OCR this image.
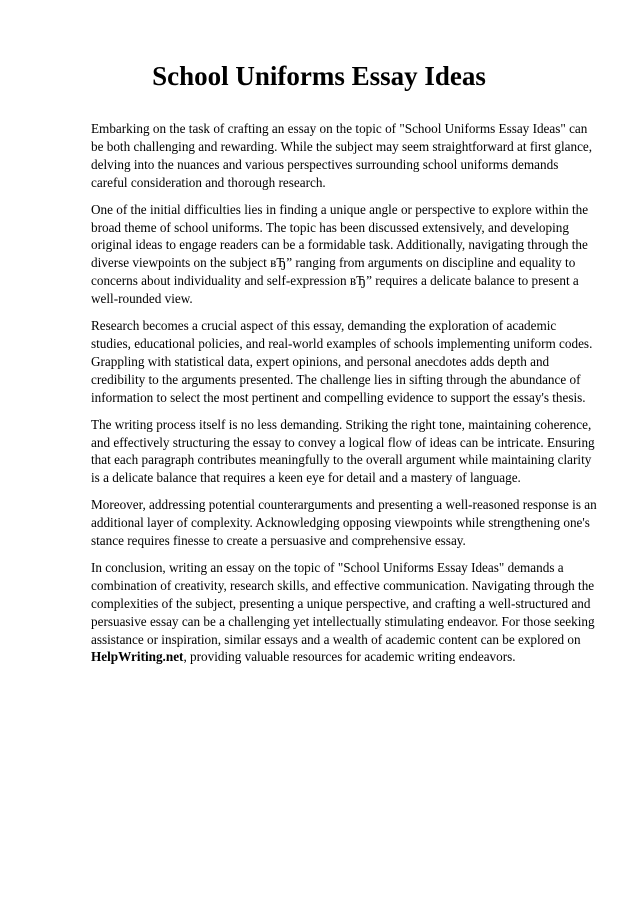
School Uniforms Essay Ideas

Embarking on the task of crafting an essay on the topic of "School Uniforms Essay Ideas" can be both challenging and rewarding. While the subject may seem straightforward at first glance, delving into the nuances and various perspectives surrounding school uniforms demands careful consideration and thorough research.

One of the initial difficulties lies in finding a unique angle or perspective to explore within the broad theme of school uniforms. The topic has been discussed extensively, and developing original ideas to engage readers can be a formidable task. Additionally, navigating through the diverse viewpoints on the subject вЂ” ranging from arguments on discipline and equality to concerns about individuality and self-expression вЂ” requires a delicate balance to present a well-rounded view.

Research becomes a crucial aspect of this essay, demanding the exploration of academic studies, educational policies, and real-world examples of schools implementing uniform codes. Grappling with statistical data, expert opinions, and personal anecdotes adds depth and credibility to the arguments presented. The challenge lies in sifting through the abundance of information to select the most pertinent and compelling evidence to support the essay's thesis.

The writing process itself is no less demanding. Striking the right tone, maintaining coherence, and effectively structuring the essay to convey a logical flow of ideas can be intricate. Ensuring that each paragraph contributes meaningfully to the overall argument while maintaining clarity is a delicate balance that requires a keen eye for detail and a mastery of language.

Moreover, addressing potential counterarguments and presenting a well-reasoned response is an additional layer of complexity. Acknowledging opposing viewpoints while strengthening one's stance requires finesse to create a persuasive and comprehensive essay.

In conclusion, writing an essay on the topic of "School Uniforms Essay Ideas" demands a combination of creativity, research skills, and effective communication. Navigating through the complexities of the subject, presenting a unique perspective, and crafting a well-structured and persuasive essay can be a challenging yet intellectually stimulating endeavor. For those seeking assistance or inspiration, similar essays and a wealth of academic content can be explored on HelpWriting.net, providing valuable resources for academic writing endeavors.
